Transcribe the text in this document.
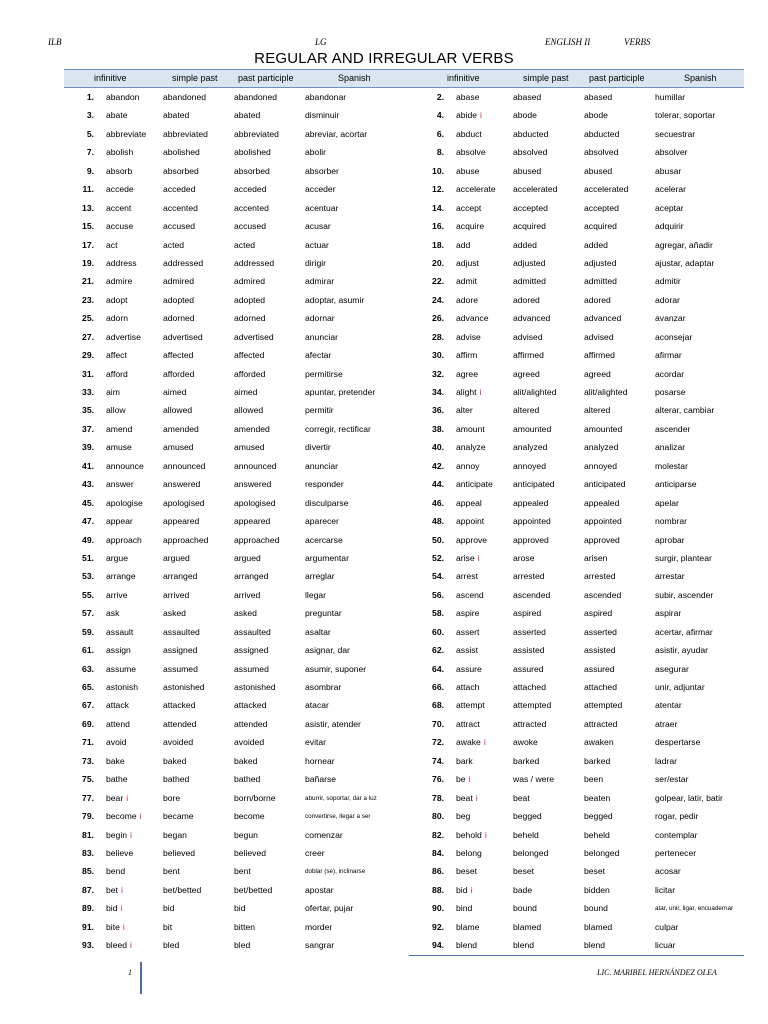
ILB	LG	ENGLISH II	VERBS
REGULAR AND IRREGULAR VERBS
infinitive	simple past past participle	Spanish	infinitive	simple past past participle	Spanish
1. abandon	abandoned	abandoned	abandonar	2. abase	abased	abased	humillar
3. abate	abated	abated	disminuir	4. abide i	abode	abode	tolerar, soportar
5. abbreviate abbreviated	abbreviated	abreviar, acortar	6. abduct	abducted	abducted	secuestrar
7. abolish	abolished	abolished	abolir	8. absolve	absolved	absolved	absolver
9. absorb	absorbed	absorbed	absorber	10. abuse	abused	abused	abusar
11. accede	acceded	acceded	acceder	12. accelerate accelerated	accelerated	acelerar
13. accent	accented	accented	acentuar	14. accept	accepted	accepted	aceptar
15. accuse	accused	accused	acusar	16. acquire	acquired	acquired	adquirir
17. act	acted	acted	actuar	18. add	added	added	agregar, añadir
19. address	addressed	addressed	dirigir	20. adjust	adjusted	adjusted	ajustar, adaptar
21. admire	admired	admired	admirar	22. admit	admitted	admitted	admitir
23. adopt	adopted	adopted	adoptar, asumir	24. adore	adored	adored	adorar
25. adorn	adorned	adorned	adornar	26. advance	advanced	advanced	avanzar
27. advertise	advertised	advertised	anunciar	28. advise	advised	advised	aconsejar
29. affect	affected	affected	afectar	30. affirm	affirmed	affirmed	afirmar
31. afford	afforded	afforded	permitirse	32. agree	agreed	agreed	acordar
33. aim	aimed	aimed	apuntar, pretender	34. alight i	alit/alighted	alit/alighted	posarse
35. allow	allowed	allowed	permitir	36. alter	altered	altered	alterar, cambiar
37. amend	amended	amended	corregir, rectificar	38. amount	amounted	amounted	ascender
39. amuse	amused	amused	divertir	40. analyze	analyzed	analyzed	analizar
41. announce announced	announced	anunciar	42. annoy	annoyed	annoyed	molestar
43. answer	answered	answered	responder	44. anticipate anticipated	anticipated	anticiparse
45. apologise apologised	apologised	disculparse	46. appeal	appealed	appealed	apelar
47. appear	appeared	appeared	aparecer	48. appoint	appointed	appointed	nombrar
49. approach approached	approached	acercarse	50. approve	approved	approved	aprobar
51. argue	argued	argued	argumentar	52. arise i	arose	arisen	surgir, plantear
53. arrange	arranged	arranged	arreglar	54. arrest	arrested	arrested	arrestar
55. arrive	arrived	arrived	llegar	56. ascend	ascended	ascended	subir, ascender
57. ask	asked	asked	preguntar	58. aspire	aspired	aspired	aspirar
59. assault	assaulted	assaulted	asaltar	60. assert	asserted	asserted	acertar, afirmar
61. assign	assigned	assigned	asignar, dar	62. assist	assisted	assisted	asistir, ayudar
63. assume	assumed	assumed	asumir, suponer	64. assure	assured	assured	asegurar
65. astonish	astonished	astonished	asombrar	66. attach	attached	attached	unir, adjuntar
67. attack	attacked	attacked	atacar	68. attempt	attempted	attempted	atentar
69. attend	attended	attended	asistir, atender	70. attract	attracted	attracted	atraer
71. avoid	avoided	avoided	evitar	72. awake i	awoke	awaken	despertarse
73. bake	baked	baked	hornear	74. bark	barked	barked	ladrar
75. bathe	bathed	bathed	bañarse	76. be i	was / were	been	ser/estar
77. bear i	bore	born/borne	aburrir, soportar, dar a luz	78. beat i	beat	beaten	golpear, latir, batir
79. become i	became	become	convertirse, llegar a ser	80. beg	begged	begged	rogar, pedir
81. begin i	began	begun	comenzar	82. behold i	beheld	beheld	contemplar
83. believe	believed	believed	creer	84. belong	belonged	belonged	pertenecer
85. bend	bent	bent	doblar (se), inclinarse	86. beset	beset	beset	acosar
87. bet i	bet/betted	bet/betted	apostar	88. bid i	bade	bidden	licitar
89. bid i	bid	bid	ofertar, pujar	90. bind	bound	bound	atar, unir, ligar, encuadernar
91. bite i	bit	bitten	morder	92. blame	blamed	blamed	culpar
93. bleed i	bled	bled	sangrar	94. blend	blend	blend	licuar
1	LIC. MARIBEL HERNÁNDEZ OLEA
